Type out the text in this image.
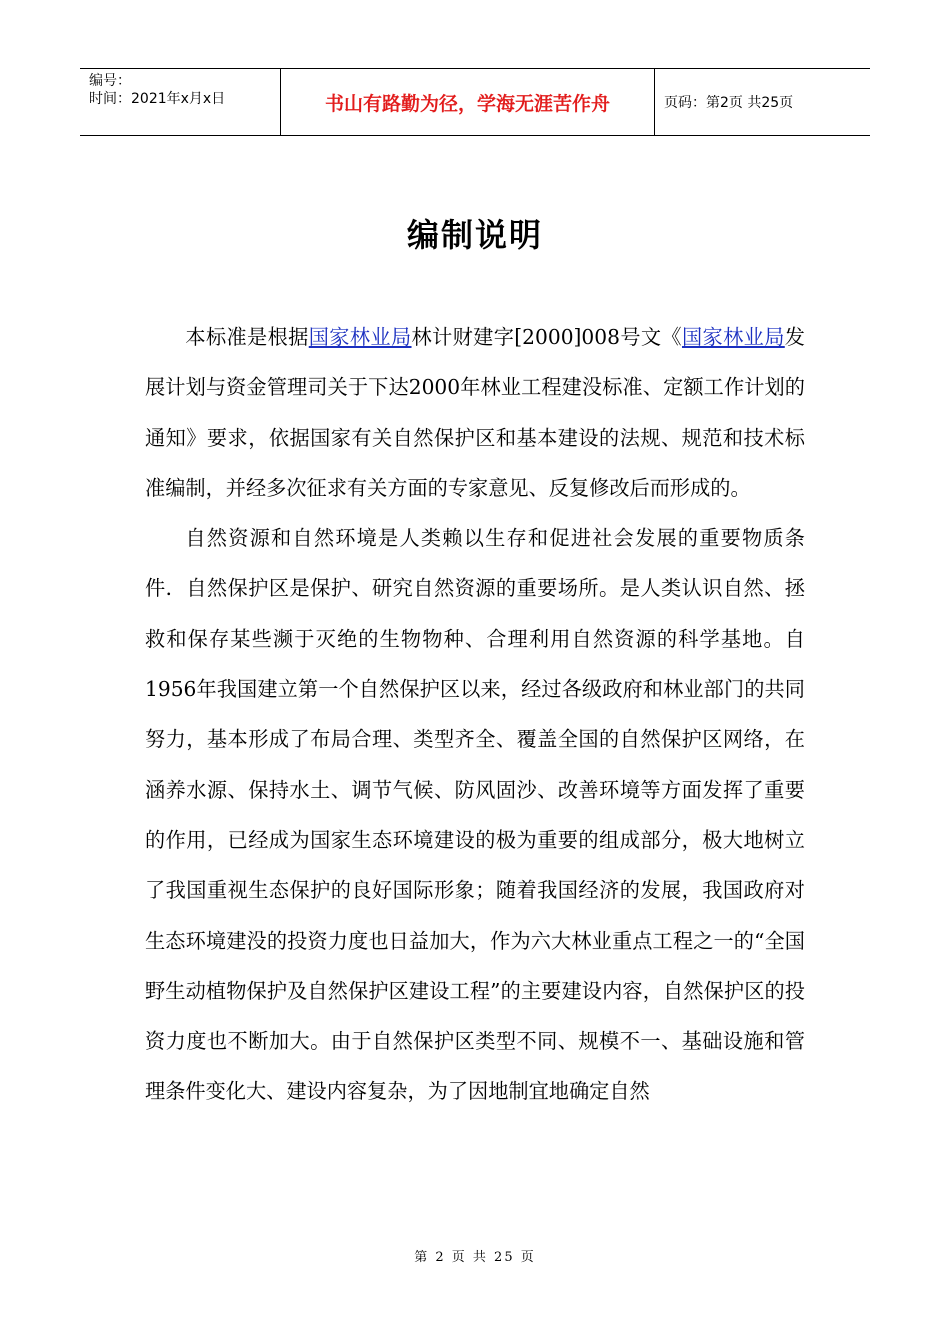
编号：
时间：2021年x月x日	书山有路勤为径，学海无涯苦作舟	页码：第2页 共25页
编制说明

本标准是根据国家林业局林计财建字[2000]008号文《国家林业局发展计划与资金管理司关于下达2000年林业工程建没标准、定额工作计划的通知》要求，依据国家有关自然保护区和基本建设的法规、规范和技术标准编制，并经多次征求有关方面的专家意见、反复修改后而形成的。

自然资源和自然环境是人类赖以生存和促进社会发展的重要物质条件．自然保护区是保护、研究自然资源的重要场所。是人类认识自然、拯救和保存某些濒于灭绝的生物物种、合理利用自然资源的科学基地。自1956年我国建立第一个自然保护区以来，经过各级政府和林业部门的共同努力，基本形成了布局合理、类型齐全、覆盖全国的自然保护区网络，在涵养水源、保持水土、调节气候、防风固沙、改善环境等方面发挥了重要的作用，已经成为国家生态环境建设的极为重要的组成部分，极大地树立了我国重视生态保护的良好国际形象；随着我国经济的发展，我国政府对生态环境建没的投资力度也日益加大，作为六大林业重点工程之一的“全国野生动植物保护及自然保护区建设工程”的主要建设内容，自然保护区的投资力度也不断加大。由于自然保护区类型不同、规模不一、基础设施和管理条件变化大、建设内容复杂，为了因地制宜地确定自然

第 2 页 共 25 页
